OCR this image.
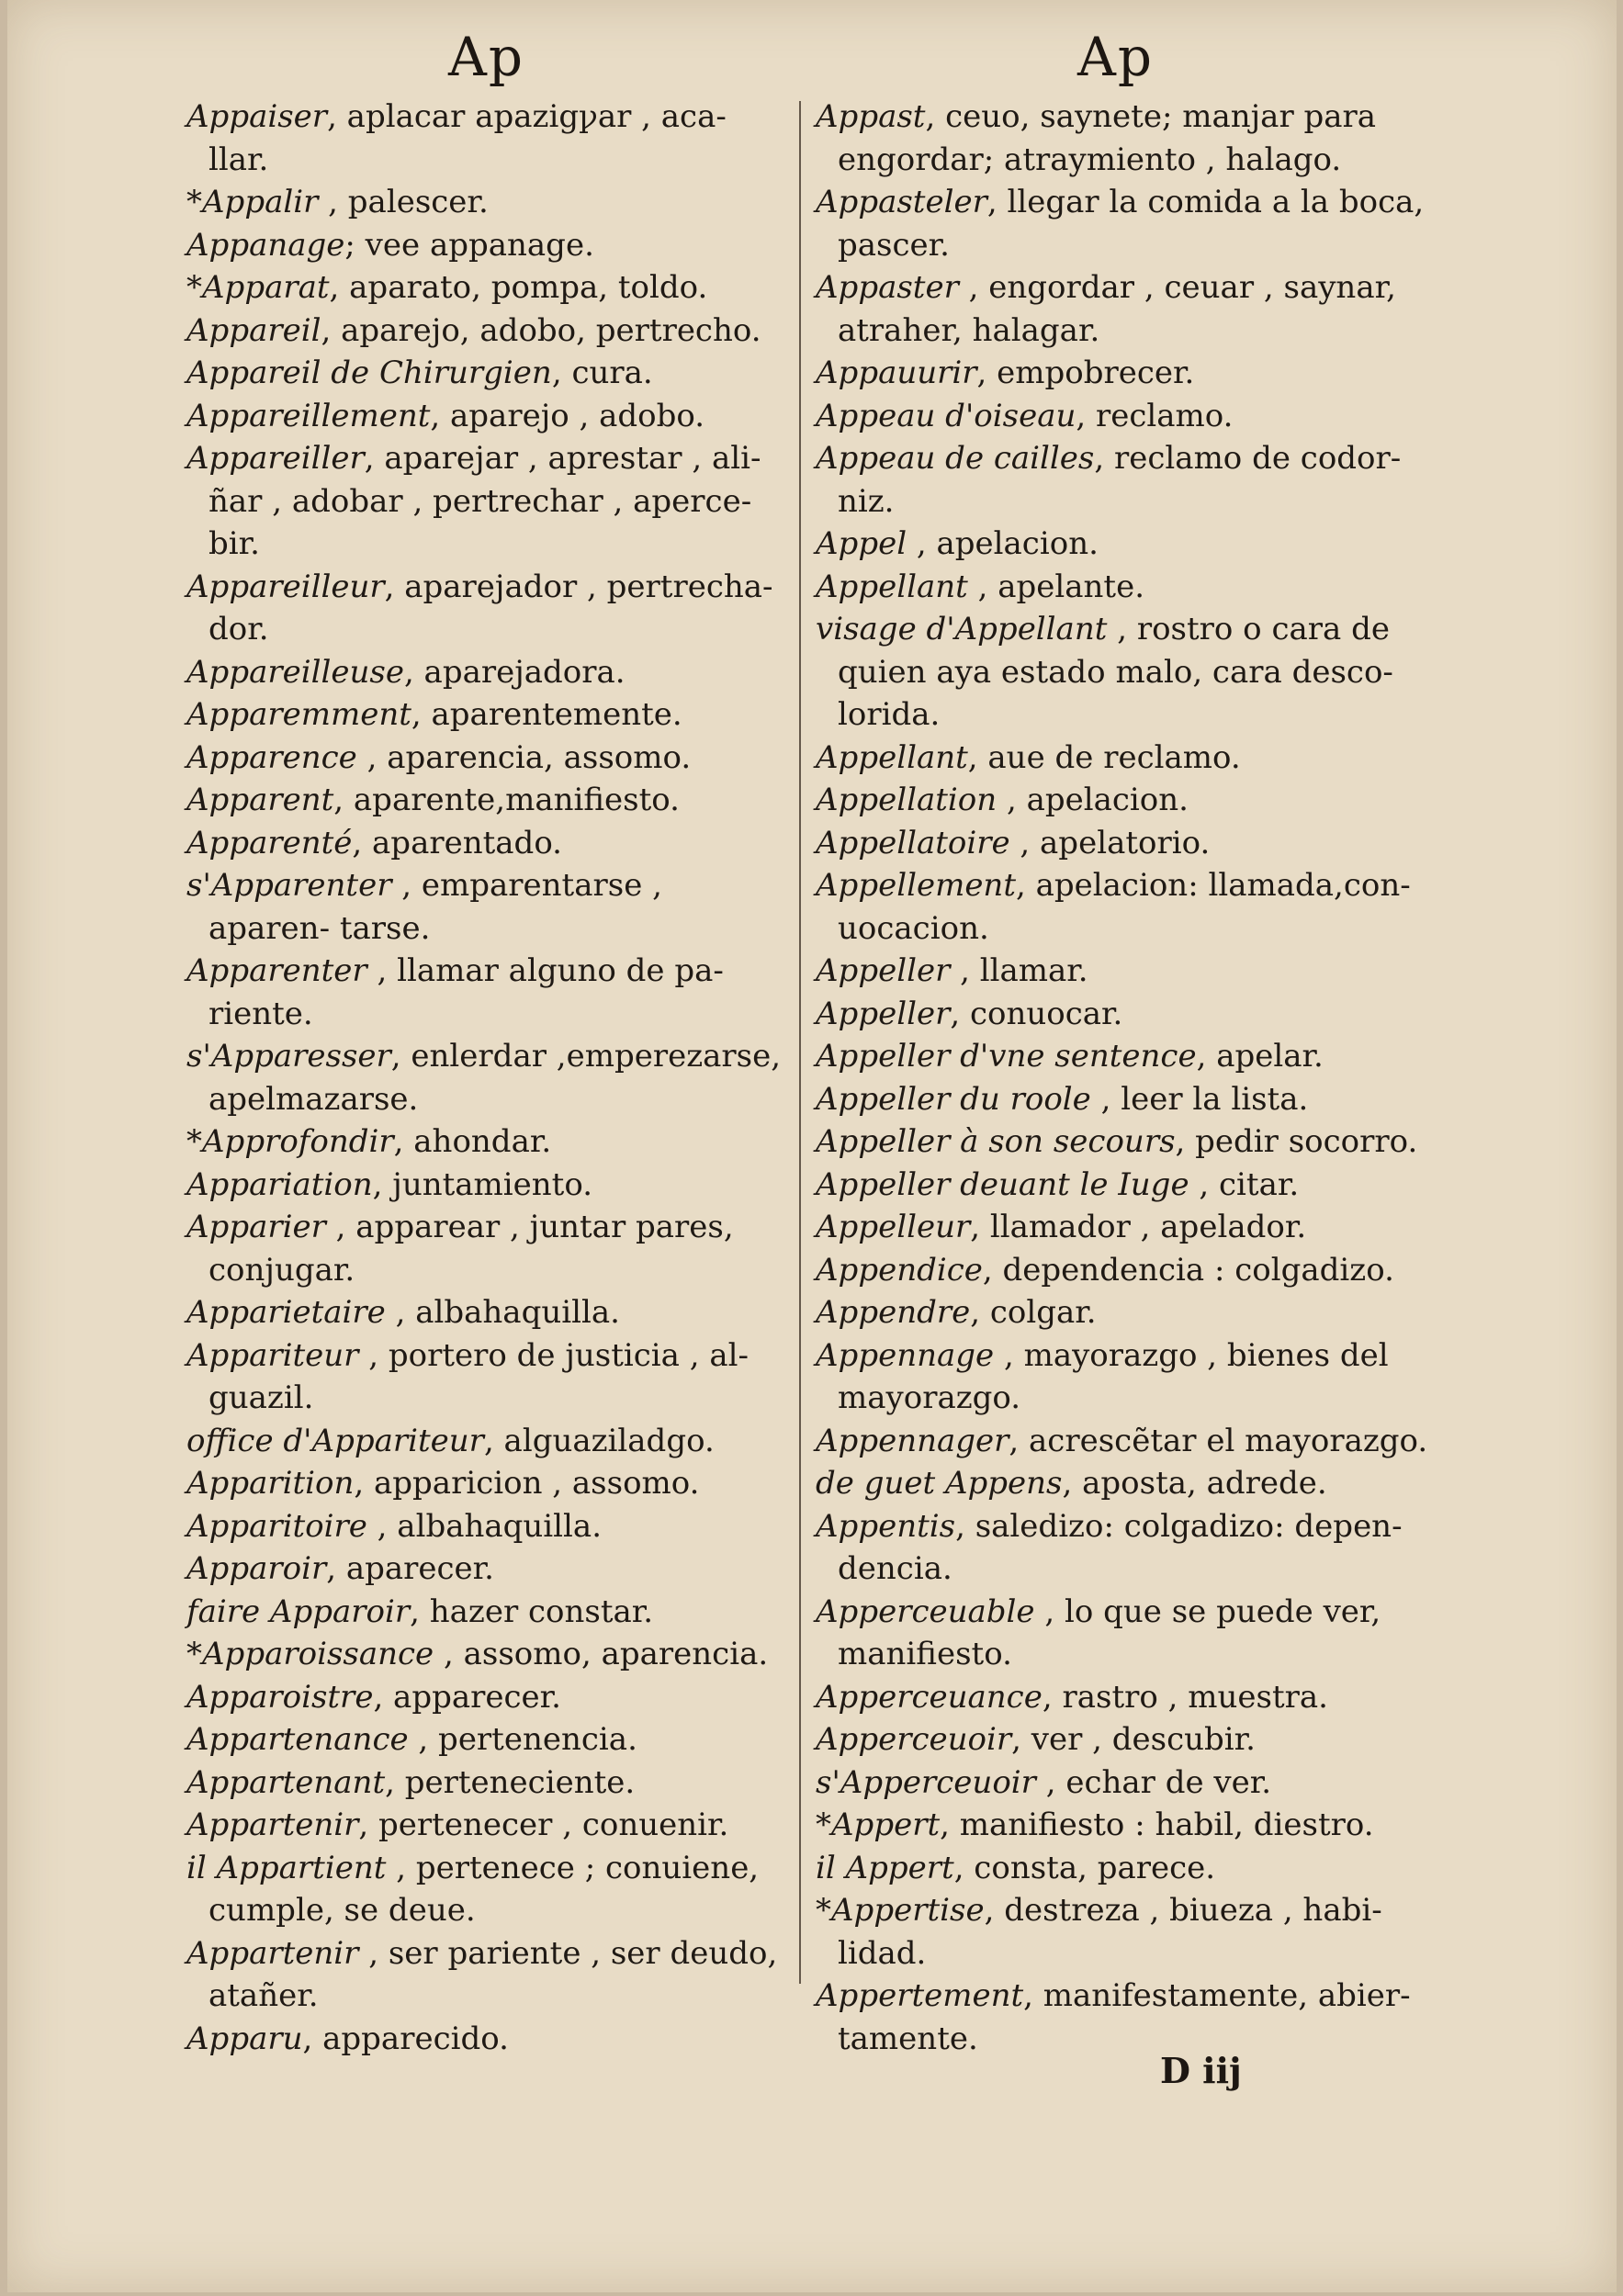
Ap	Ap

Appaiser, aplacar apazigꝩar , aca- llar.

*Appalir , palescer.

Appanage; vee appanage.

*Apparat, aparato, pompa, toldo.

Appareil, aparejo, adobo, pertrecho.

Appareil de Chirurgien, cura.

Appareillement, aparejo , adobo.

Appareiller, aparejar , aprestar , ali- ñar , adobar , pertrechar , aperce- bir.

Appareilleur, aparejador , pertrecha- dor.

Appareilleuse, aparejadora.

Apparemment, aparentemente.

Apparence , aparencia, assomo.

Apparent, aparente,manifiesto.

Apparenté, aparentado.

s'Apparenter , emparentarse , aparen- tarse.

Apparenter , llamar alguno de pa- riente.

s'Apparesser, enlerdar ,emperezarse, apelmazarse.

*Approfondir, ahondar.

Appariation, juntamiento.

Apparier , apparear , juntar pares, conjugar.

Apparietaire , albahaquilla.

Appariteur , portero de justicia , al- guazil.

office d'Appariteur, alguaziladgo.

Apparition, apparicion , assomo.

Apparitoire , albahaquilla.

Apparoir, aparecer.

faire Apparoir, hazer constar.

*Apparoissance , assomo, aparencia.

Apparoistre, apparecer.

Appartenance , pertenencia.

Appartenant, perteneciente.

Appartenir, pertenecer , conuenir.

il Appartient , pertenece ; conuiene, cumple, se deue.

Appartenir , ser pariente , ser deudo, atañer.

Apparu, apparecido.

Appast, ceuo, saynete; manjar para engordar; atraymiento , halago.

Appasteler, llegar la comida a la boca, pascer.

Appaster , engordar , ceuar , saynar, atraher, halagar.

Appauurir, empobrecer.

Appeau d'oiseau, reclamo.

Appeau de cailles, reclamo de codor- niz.

Appel , apelacion.

Appellant , apelante.

visage d'Appellant , rostro o cara de quien aya estado malo, cara desco- lorida.

Appellant, aue de reclamo.

Appellation , apelacion.

Appellatoire , apelatorio.

Appellement, apelacion: llamada,con- uocacion.

Appeller , llamar.

Appeller, conuocar.

Appeller d'vne sentence, apelar.

Appeller du roole , leer la lista.

Appeller à son secours, pedir socorro.

Appeller deuant le Iuge , citar.

Appelleur, llamador , apelador.

Appendice, dependencia : colgadizo.

Appendre, colgar.

Appennage , mayorazgo , bienes del mayorazgo.

Appennager, acrescẽtar el mayorazgo.

de guet Appens, aposta, adrede.

Appentis, saledizo: colgadizo: depen- dencia.

Apperceuable , lo que se puede ver, manifiesto.

Apperceuance, rastro , muestra.

Apperceuoir, ver , descubir.

s'Apperceuoir , echar de ver.

*Appert, manifiesto : habil, diestro.

il Appert, consta, parece.

*Appertise, destreza , biueza , habi- lidad.

Appertement, manifestamente, abier- tamente.

D iij
